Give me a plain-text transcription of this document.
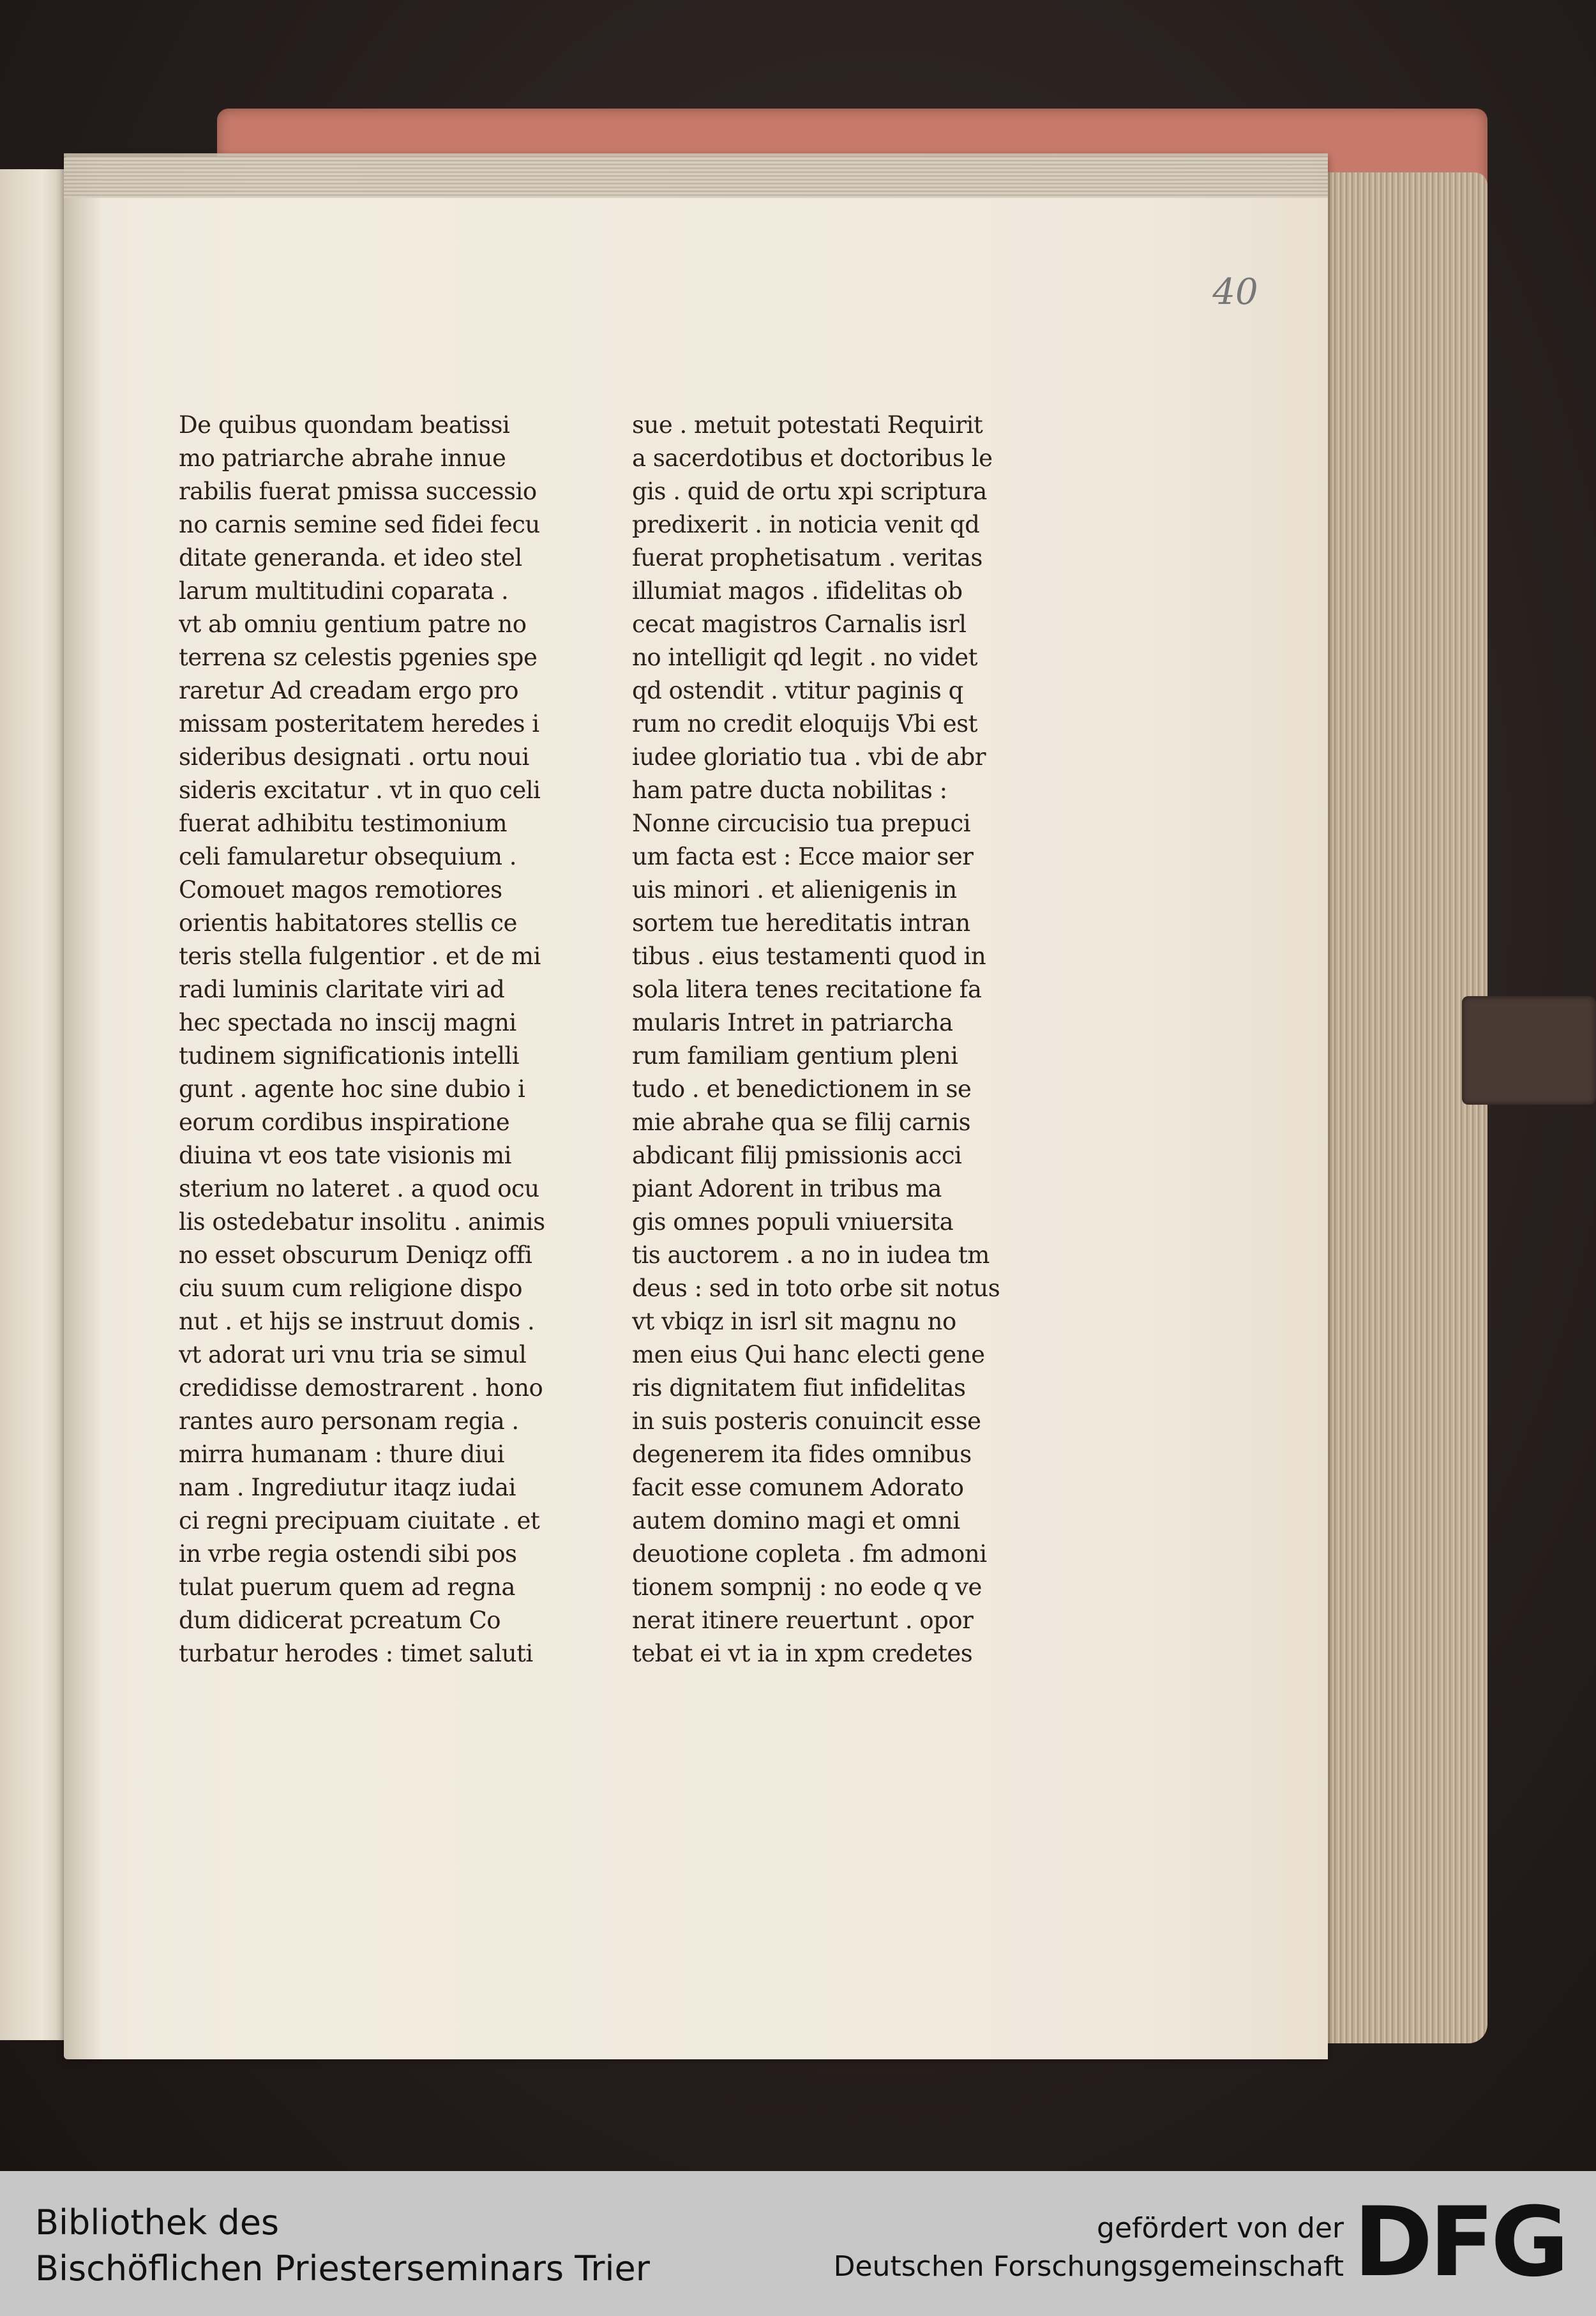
40
De quibus quondam beatissi
mo patriarche abrahe innue
rabilis fuerat pmissa successio
no carnis semine sed fidei fecu
ditate generanda. et ideo stel
larum multitudini coparata .
vt ab omniu gentium patre no
terrena sz celestis pgenies spe
raretur Ad creadam ergo pro
missam posteritatem heredes i
sideribus designati . ortu noui
sideris excitatur . vt in quo celi
fuerat adhibitu testimonium
celi famularetur obsequium .
Comouet magos remotiores
orientis habitatores stellis ce
teris stella fulgentior . et de mi
radi luminis claritate viri ad
hec spectada no inscij magni
tudinem significationis intelli
gunt . agente hoc sine dubio i
eorum cordibus inspiratione
diuina vt eos tate visionis mi
sterium no lateret . a quod ocu
lis ostedebatur insolitu . animis
no esset obscurum Deniqz offi
ciu suum cum religione dispo
nut . et hijs se instruut domis .
vt adorat uri vnu tria se simul
credidisse demostrarent . hono
rantes auro personam regia .
mirra humanam : thure diui
nam . Ingrediutur itaqz iudai
ci regni precipuam ciuitate . et
in vrbe regia ostendi sibi pos
tulat puerum quem ad regna
dum didicerat pcreatum Co
turbatur herodes : timet saluti
sue . metuit potestati Requirit
a sacerdotibus et doctoribus le
gis . quid de ortu xpi scriptura
predixerit . in noticia venit qd
fuerat prophetisatum . veritas
illumiat magos . ifidelitas ob
cecat magistros Carnalis isrl
no intelligit qd legit . no videt
qd ostendit . vtitur paginis q
rum no credit eloquijs Vbi est
iudee gloriatio tua . vbi de abr
ham patre ducta nobilitas :
Nonne circucisio tua prepuci
um facta est : Ecce maior ser
uis minori . et alienigenis in
sortem tue hereditatis intran
tibus . eius testamenti quod in
sola litera tenes recitatione fa
mularis Intret in patriarcha
rum familiam gentium pleni
tudo . et benedictionem in se
mie abrahe qua se filij carnis
abdicant filij pmissionis acci
piant Adorent in tribus ma
gis omnes populi vniuersita
tis auctorem . a no in iudea tm
deus : sed in toto orbe sit notus
vt vbiqz in isrl sit magnu no
men eius Qui hanc electi gene
ris dignitatem fiut infidelitas
in suis posteris conuincit esse
degenerem ita fides omnibus
facit esse comunem Adorato
autem domino magi et omni
deuotione copleta . fm admoni
tionem sompnij : no eode q ve
nerat itinere reuertunt . opor
tebat ei vt ia in xpm credetes
Bibliothek des
Bischöflichen Priesterseminars Trier
gefördert von der
Deutschen Forschungsgemeinschaft DFG
